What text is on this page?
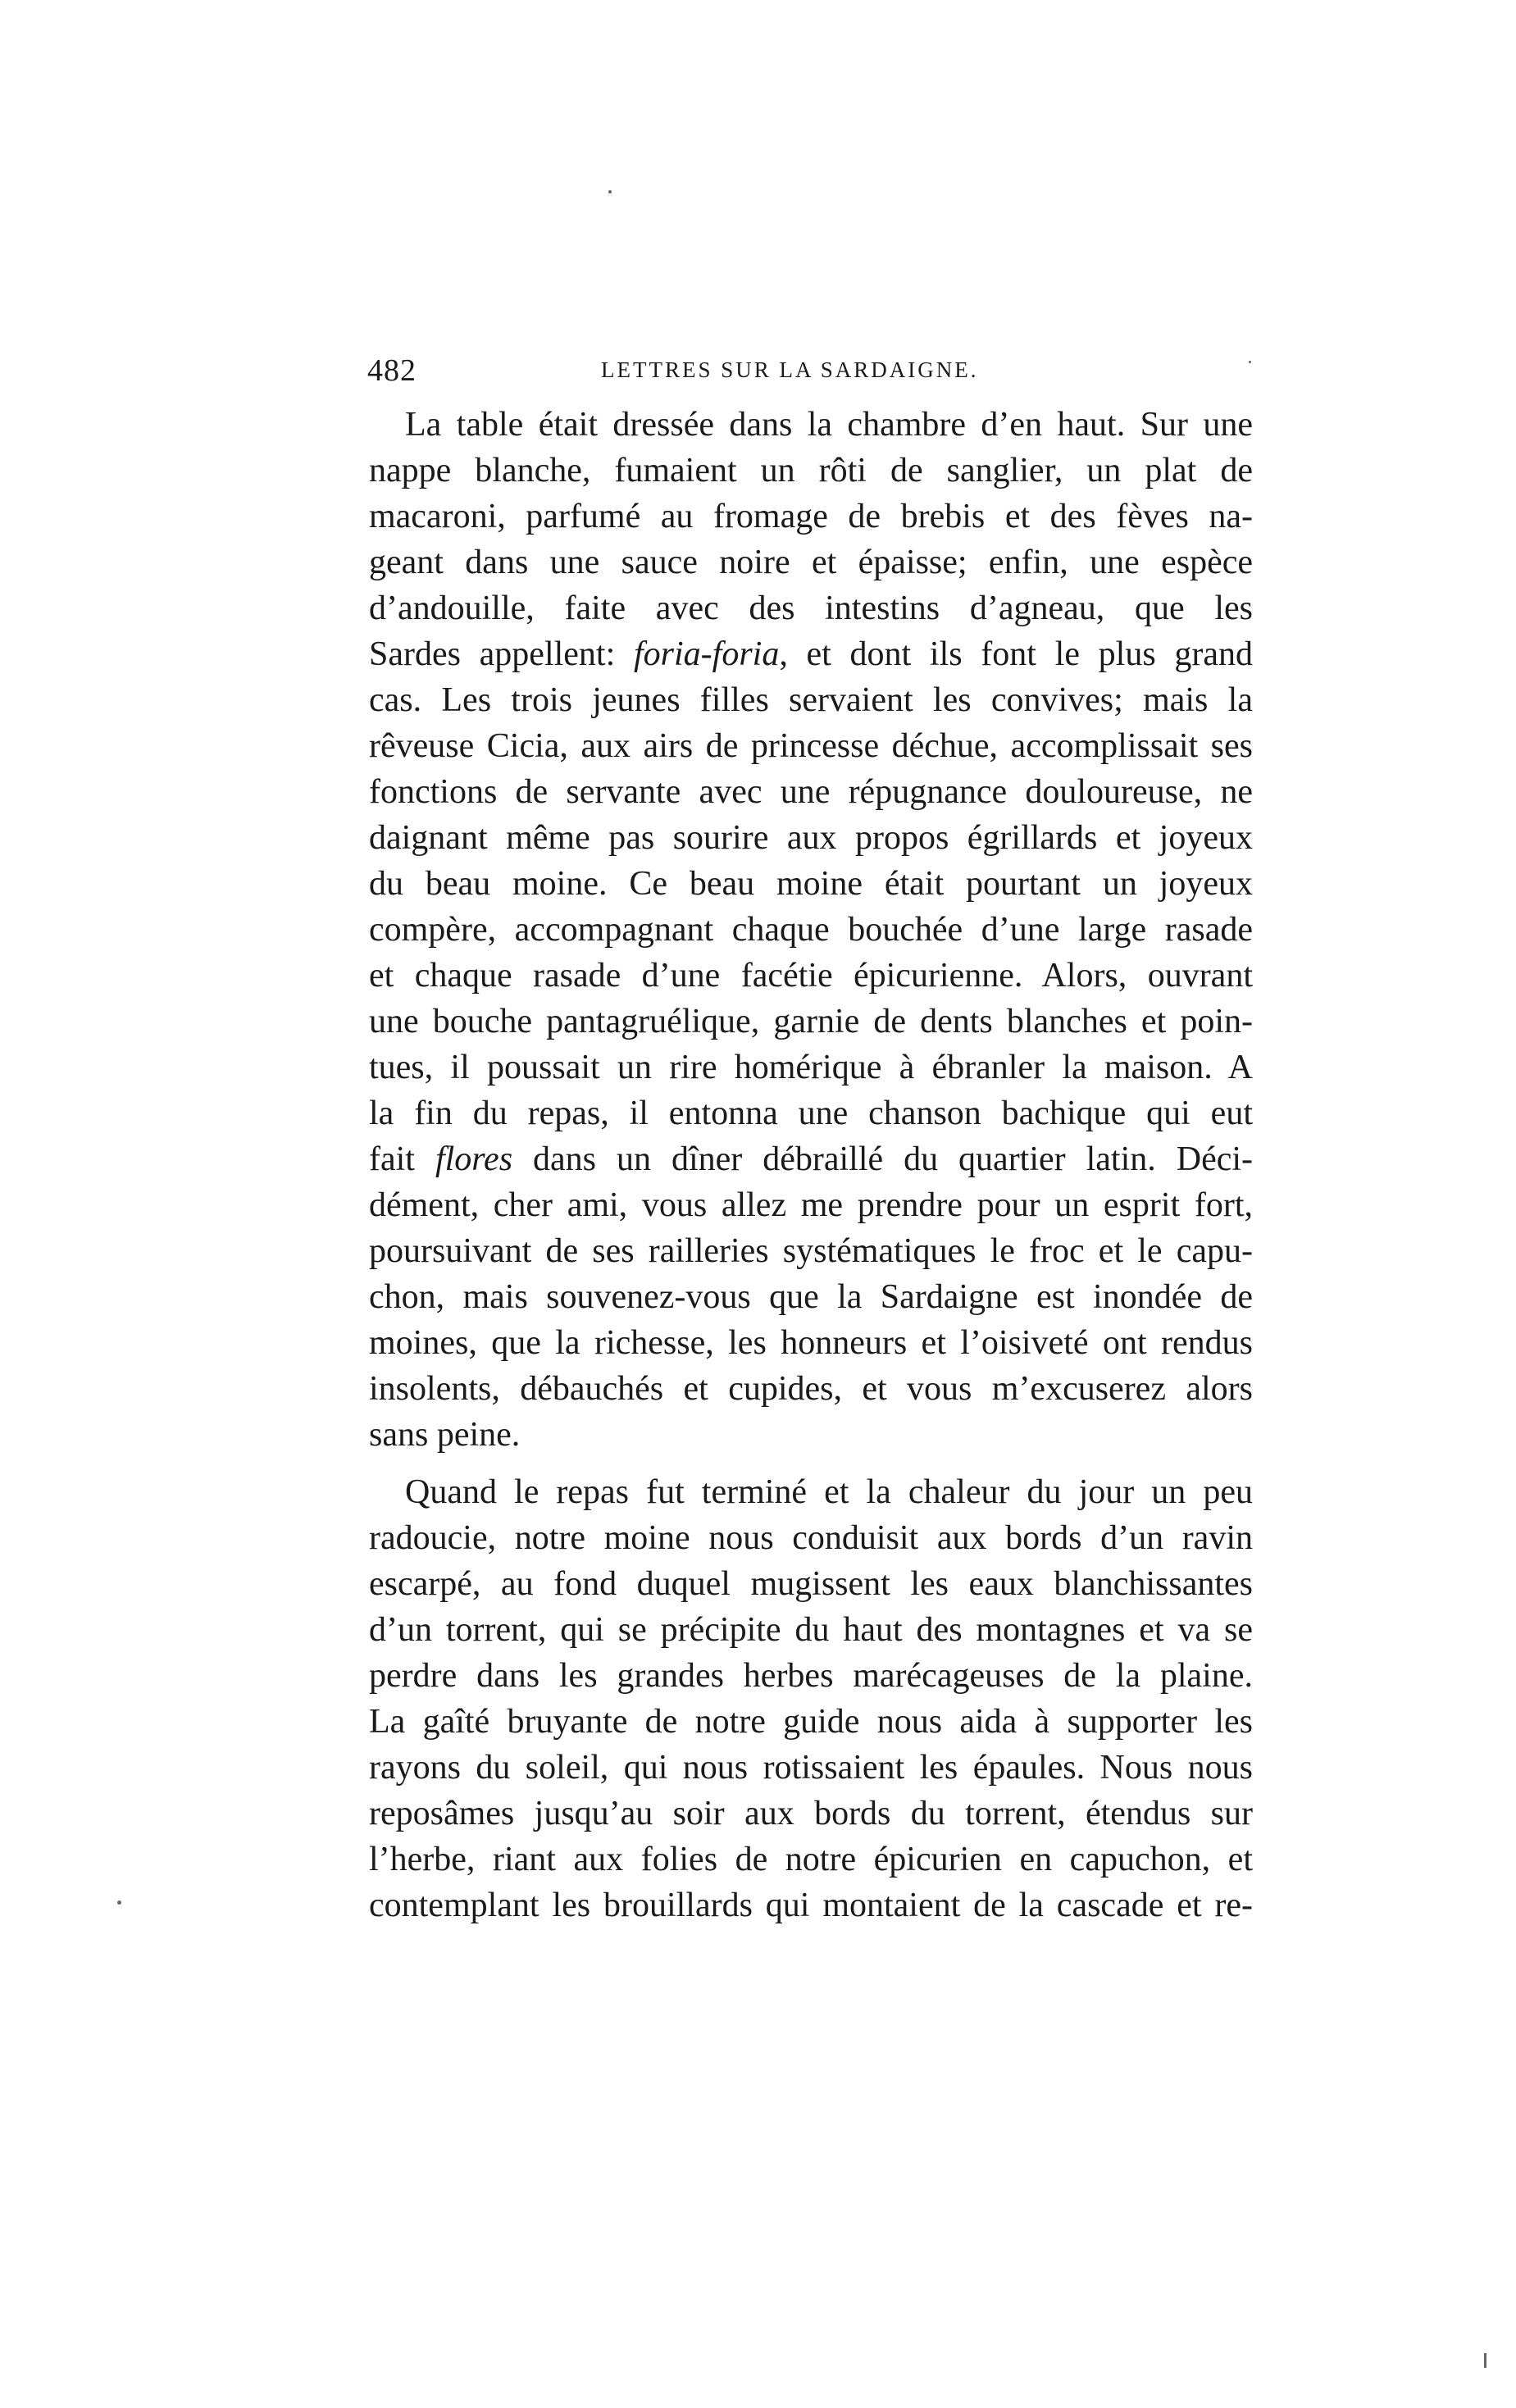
482	LETTRES SUR LA SARDAIGNE.
La table était dressée dans la chambre d’en haut. Sur une
nappe blanche, fumaient un rôti de sanglier, un plat de
macaroni, parfumé au fromage de brebis et des fèves na-
geant dans une sauce noire et épaisse; enfin, une espèce
d’andouille, faite avec des intestins d’agneau, que les
Sardes appellent: foria-foria, et dont ils font le plus grand
cas. Les trois jeunes filles servaient les convives; mais la
rêveuse Cicia, aux airs de princesse déchue, accomplissait ses
fonctions de servante avec une répugnance douloureuse, ne
daignant même pas sourire aux propos égrillards et joyeux
du beau moine. Ce beau moine était pourtant un joyeux
compère, accompagnant chaque bouchée d’une large rasade
et chaque rasade d’une facétie épicurienne. Alors, ouvrant
une bouche pantagruélique, garnie de dents blanches et poin-
tues, il poussait un rire homérique à ébranler la maison. A
la fin du repas, il entonna une chanson bachique qui eut
fait flores dans un dîner débraillé du quartier latin. Déci-
dément, cher ami, vous allez me prendre pour un esprit fort,
poursuivant de ses railleries systématiques le froc et le capu-
chon, mais souvenez-vous que la Sardaigne est inondée de
moines, que la richesse, les honneurs et l’oisiveté ont rendus
insolents, débauchés et cupides, et vous m’excuserez alors
sans peine.
Quand le repas fut terminé et la chaleur du jour un peu
radoucie, notre moine nous conduisit aux bords d’un ravin
escarpé, au fond duquel mugissent les eaux blanchissantes
d’un torrent, qui se précipite du haut des montagnes et va se
perdre dans les grandes herbes marécageuses de la plaine.
La gaîté bruyante de notre guide nous aida à supporter les
rayons du soleil, qui nous rotissaient les épaules. Nous nous
reposâmes jusqu’au soir aux bords du torrent, étendus sur
l’herbe, riant aux folies de notre épicurien en capuchon, et
contemplant les brouillards qui montaient de la cascade et re-
